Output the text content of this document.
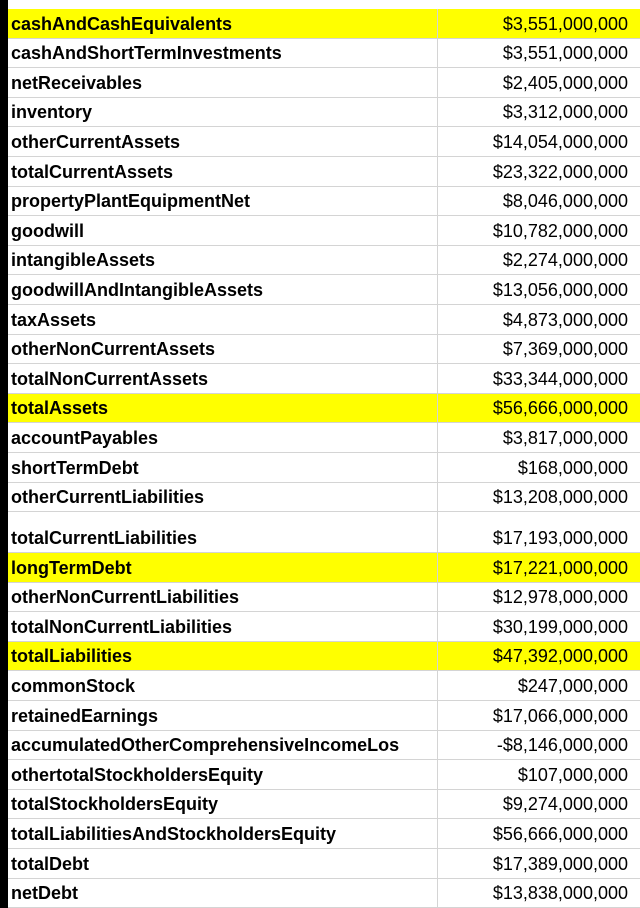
cashAndCashEquivalents	$3,551,000,000
cashAndShortTermInvestments	$3,551,000,000
netReceivables	$2,405,000,000
inventory	$3,312,000,000
otherCurrentAssets	$14,054,000,000
totalCurrentAssets	$23,322,000,000
propertyPlantEquipmentNet	$8,046,000,000
goodwill	$10,782,000,000
intangibleAssets	$2,274,000,000
goodwillAndIntangibleAssets	$13,056,000,000
taxAssets	$4,873,000,000
otherNonCurrentAssets	$7,369,000,000
totalNonCurrentAssets	$33,344,000,000
totalAssets	$56,666,000,000
accountPayables	$3,817,000,000
shortTermDebt	$168,000,000
otherCurrentLiabilities	$13,208,000,000
totalCurrentLiabilities	$17,193,000,000
longTermDebt	$17,221,000,000
otherNonCurrentLiabilities	$12,978,000,000
totalNonCurrentLiabilities	$30,199,000,000
totalLiabilities	$47,392,000,000
commonStock	$247,000,000
retainedEarnings	$17,066,000,000
accumulatedOtherComprehensiveIncomeLos	-$8,146,000,000
othertotalStockholdersEquity	$107,000,000
totalStockholdersEquity	$9,274,000,000
totalLiabilitiesAndStockholdersEquity	$56,666,000,000
totalDebt	$17,389,000,000
netDebt	$13,838,000,000
